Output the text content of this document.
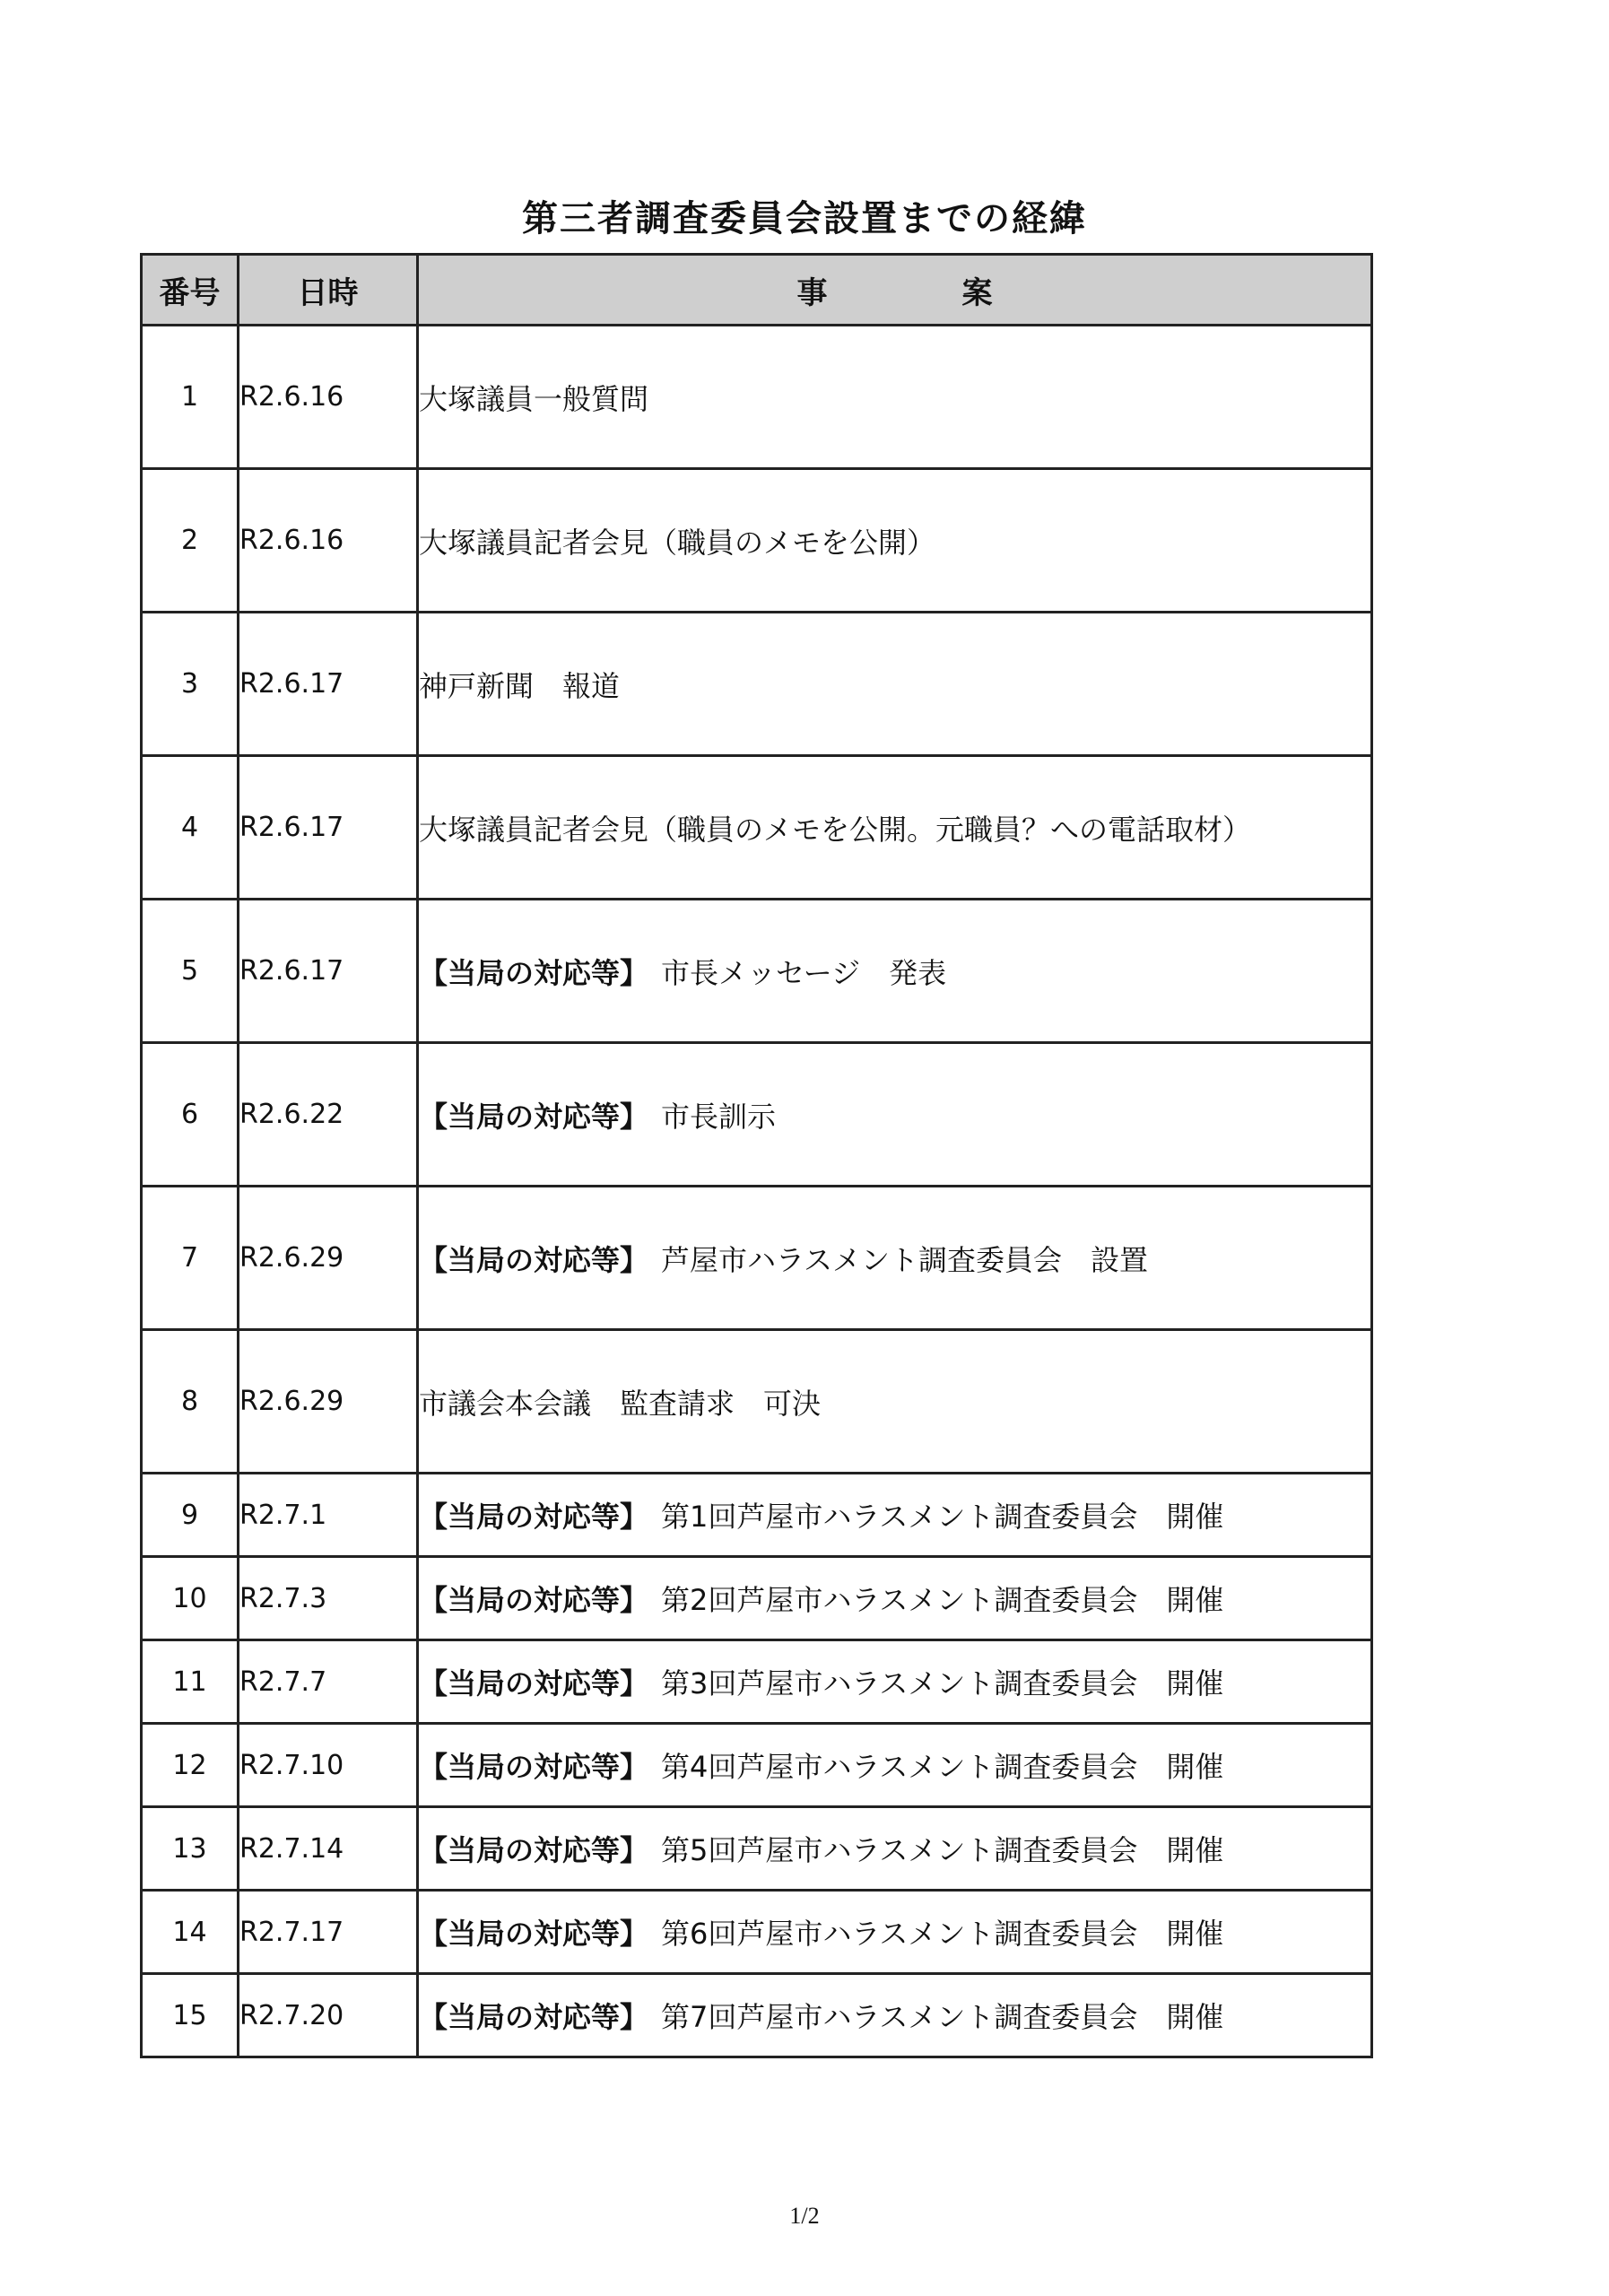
第三者調査委員会設置までの経緯
番号	日時	事 案
1	R2.6.16	大塚議員一般質問
2	R2.6.16	大塚議員記者会見（職員のメモを公開）
3	R2.6.17	神戸新聞　報道
4	R2.6.17	大塚議員記者会見（職員のメモを公開。元職員？への電話取材）
5	R2.6.17	【当局の対応等】 市長メッセージ　発表
6	R2.6.22	【当局の対応等】 市長訓示
7	R2.6.29	【当局の対応等】 芦屋市ハラスメント調査委員会　設置
8	R2.6.29	市議会本会議　監査請求　可決
9	R2.7.1	【当局の対応等】 第1回芦屋市ハラスメント調査委員会　開催
10	R2.7.3	【当局の対応等】 第2回芦屋市ハラスメント調査委員会　開催
11	R2.7.7	【当局の対応等】 第3回芦屋市ハラスメント調査委員会　開催
12	R2.7.10	【当局の対応等】 第4回芦屋市ハラスメント調査委員会　開催
13	R2.7.14	【当局の対応等】 第5回芦屋市ハラスメント調査委員会　開催
14	R2.7.17	【当局の対応等】 第6回芦屋市ハラスメント調査委員会　開催
15	R2.7.20	【当局の対応等】 第7回芦屋市ハラスメント調査委員会　開催
1/2
